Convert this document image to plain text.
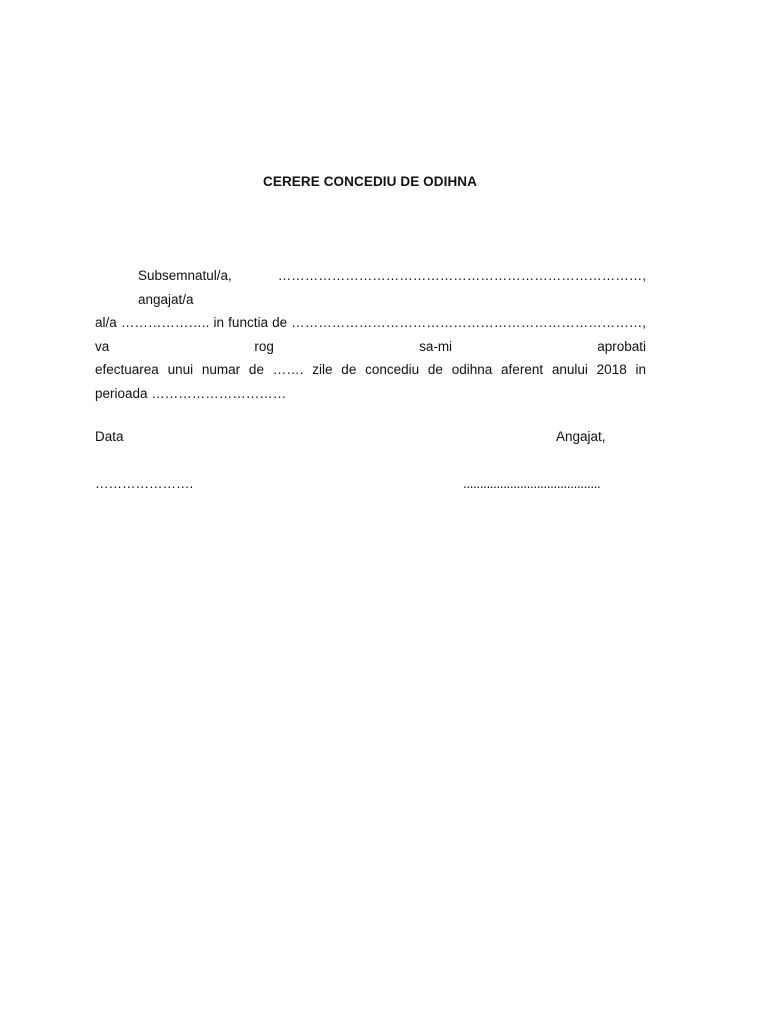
CERERE CONCEDIU DE ODIHNA
Subsemnatul/a, ………………………………………………………………………, angajat/a
al/a ……………….. in functia de ……………………………………………………………………, va rog sa-mi aprobati
efectuarea unui numar de ……. zile de concediu de odihna aferent anului 2018 in
perioada …………………………
Data	Angajat,
………………….	.........................................
